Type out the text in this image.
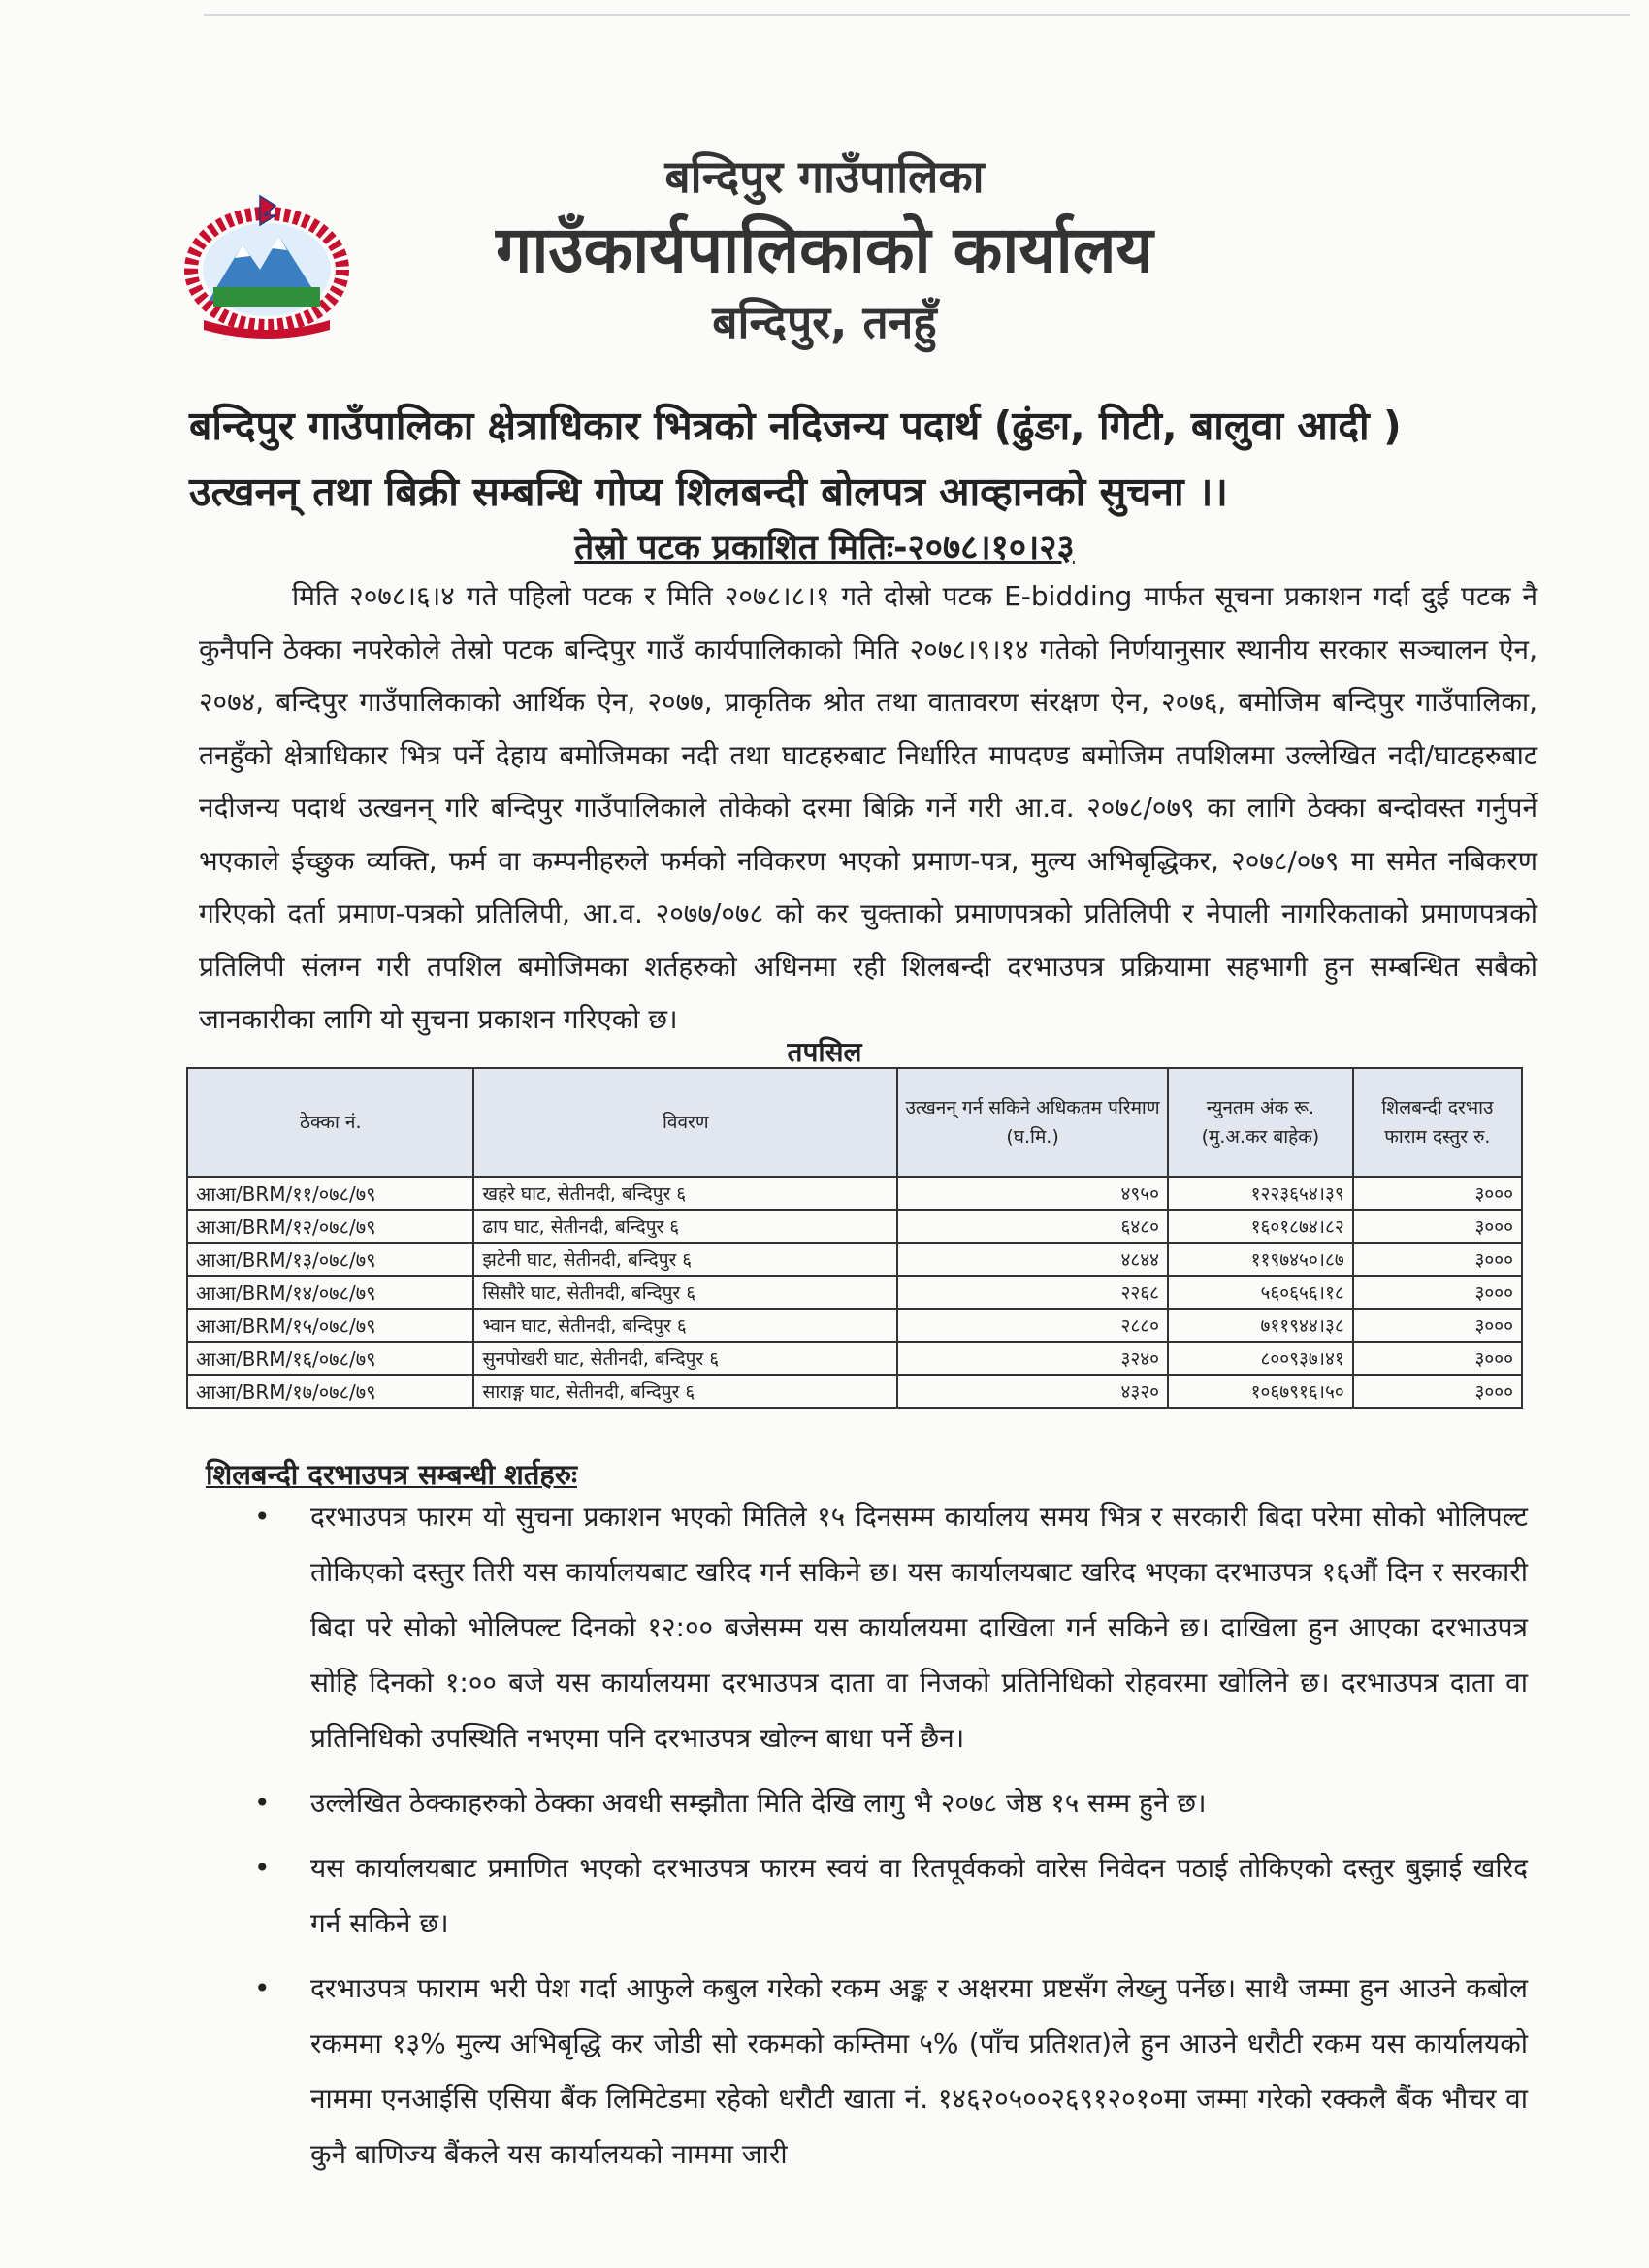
बन्दिपुर गाउँपालिका
गाउँकार्यपालिकाको कार्यालय
बन्दिपुर, तनहुँ
बन्दिपुर गाउँपालिका क्षेत्राधिकार भित्रको नदिजन्य पदार्थ (ढुंङा, गिटी, बालुवा आदी )
उत्खनन् तथा बिक्री सम्बन्धि गोप्य शिलबन्दी बोलपत्र आव्हानको सुचना ।।
तेस्रो पटक प्रकाशित मितिः-२०७८।१०।२३
मिति २०७८।६।४ गते पहिलो पटक र मिति २०७८।८।१ गते दोस्रो पटक E-bidding मार्फत सूचना प्रकाशन गर्दा दुई पटक नै कुनैपनि ठेक्का नपरेकोले तेस्रो पटक बन्दिपुर गाउँ कार्यपालिकाको मिति २०७८।९।१४ गतेको निर्णयानुसार स्थानीय सरकार सञ्चालन ऐन, २०७४, बन्दिपुर गाउँपालिकाको आर्थिक ऐन, २०७७, प्राकृतिक श्रोत तथा वातावरण संरक्षण ऐन, २०७६, बमोजिम बन्दिपुर गाउँपालिका, तनहुँको क्षेत्राधिकार भित्र पर्ने देहाय बमोजिमका नदी तथा घाटहरुबाट निर्धारित मापदण्ड बमोजिम तपशिलमा उल्लेखित नदी/घाटहरुबाट नदीजन्य पदार्थ उत्खनन् गरि बन्दिपुर गाउँपालिकाले तोकेको दरमा बिक्रि गर्ने गरी आ.व. २०७८/०७९ का लागि ठेक्का बन्दोवस्त गर्नुपर्ने भएकाले ईच्छुक व्यक्ति, फर्म वा कम्पनीहरुले फर्मको नविकरण भएको प्रमाण-पत्र, मुल्य अभिबृद्धिकर, २०७८/०७९ मा समेत नबिकरण गरिएको दर्ता प्रमाण-पत्रको प्रतिलिपी, आ.व. २०७७/०७८ को कर चुक्ताको प्रमाणपत्रको प्रतिलिपी र नेपाली नागरिकताको प्रमाणपत्रको प्रतिलिपी संलग्न गरी तपशिल बमोजिमका शर्तहरुको अधिनमा रही शिलबन्दी दरभाउपत्र प्रक्रियामा सहभागी हुन सम्बन्धित सबैको जानकारीका लागि यो सुचना प्रकाशन गरिएको छ।
तपसिल
ठेक्का नं.	विवरण	उत्खनन् गर्न सकिने अधिकतम परिमाण (घ.मि.)	न्युनतम अंक रू. (मु.अ.कर बाहेक)	शिलबन्दी दरभाउ फाराम दस्तुर रु.
आआ/BRM/११/०७८/७९	खहरे घाट, सेतीनदी, बन्दिपुर ६	४९५०	१२२३६५४।३९	३०००
आआ/BRM/१२/०७८/७९	ढाप घाट, सेतीनदी, बन्दिपुर ६	६४८०	१६०१८७४।८२	३०००
आआ/BRM/१३/०७८/७९	झटेनी घाट, सेतीनदी, बन्दिपुर ६	४८४४	११९७४५०।८७	३०००
आआ/BRM/१४/०७८/७९	सिसौरे घाट, सेतीनदी, बन्दिपुर ६	२२६८	५६०६५६।१८	३०००
आआ/BRM/१५/०७८/७९	भ्वान घाट, सेतीनदी, बन्दिपुर ६	२८८०	७११९४४।३८	३०००
आआ/BRM/१६/०७८/७९	सुनपोखरी घाट, सेतीनदी, बन्दिपुर ६	३२४०	८००९३७।४१	३०००
आआ/BRM/१७/०७८/७९	साराङ्ग घाट, सेतीनदी, बन्दिपुर ६	४३२०	१०६७९१६।५०	३०००
शिलबन्दी दरभाउपत्र सम्बन्धी शर्तहरुः
• दरभाउपत्र फारम यो सुचना प्रकाशन भएको मितिले १५ दिनसम्म कार्यालय समय भित्र र सरकारी बिदा परेमा सोको भोलिपल्ट तोकिएको दस्तुर तिरी यस कार्यालयबाट खरिद गर्न सकिने छ। यस कार्यालयबाट खरिद भएका दरभाउपत्र १६औं दिन र सरकारी बिदा परे सोको भोलिपल्ट दिनको १२:०० बजेसम्म यस कार्यालयमा दाखिला गर्न सकिने छ। दाखिला हुन आएका दरभाउपत्र सोहि दिनको १:०० बजे यस कार्यालयमा दरभाउपत्र दाता वा निजको प्रतिनिधिको रोहवरमा खोलिने छ। दरभाउपत्र दाता वा प्रतिनिधिको उपस्थिति नभएमा पनि दरभाउपत्र खोल्न बाधा पर्ने छैन।
• उल्लेखित ठेक्काहरुको ठेक्का अवधी सम्झौता मिति देखि लागु भै २०७८ जेष्ठ १५ सम्म हुने छ।
• यस कार्यालयबाट प्रमाणित भएको दरभाउपत्र फारम स्वयं वा रितपूर्वकको वारेस निवेदन पठाई तोकिएको दस्तुर बुझाई खरिद गर्न सकिने छ।
• दरभाउपत्र फाराम भरी पेश गर्दा आफुले कबुल गरेको रकम अङ्क र अक्षरमा प्रष्टसँग लेख्नु पर्नेछ। साथै जम्मा हुन आउने कबोल रकममा १३% मुल्य अभिबृद्धि कर जोडी सो रकमको कम्तिमा ५% (पाँच प्रतिशत)ले हुन आउने धरौटी रकम यस कार्यालयको नाममा एनआईसि एसिया बैंक लिमिटेडमा रहेको धरौटी खाता नं. १४६२०५००२६९१२०१०मा जम्मा गरेको रक्कलै बैंक भौचर वा कुनै बाणिज्य बैंकले यस कार्यालयको नाममा जारी
